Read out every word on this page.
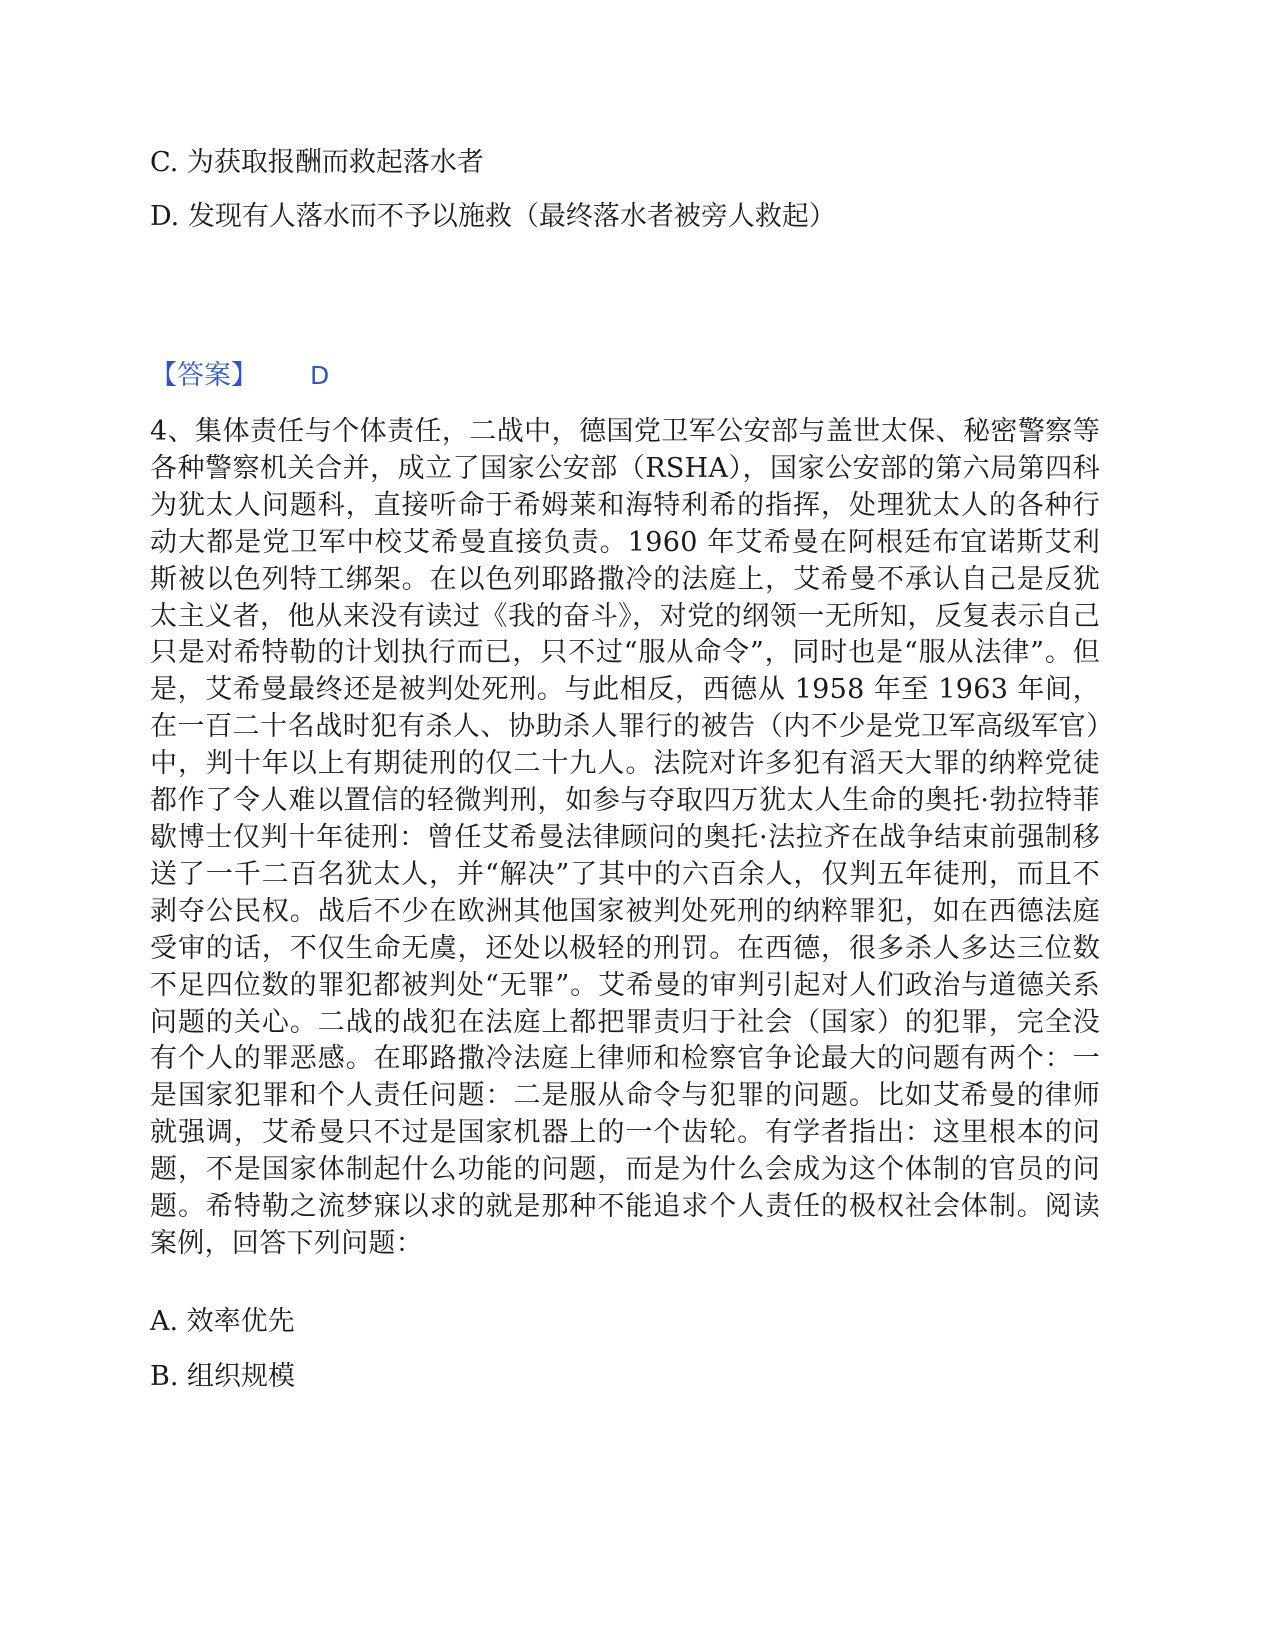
C. 为获取报酬而救起落水者
D. 发现有人落水而不予以施救（最终落水者被旁人救起）
【答案】 D

4、集体责任与个体责任，二战中，德国党卫军公安部与盖世太保、秘密警察等各种警察机关合并，成立了国家公安部（RSHA），国家公安部的第六局第四科为犹太人问题科，直接听命于希姆莱和海特利希的指挥，处理犹太人的各种行动大都是党卫军中校艾希曼直接负责。1960 年艾希曼在阿根廷布宜诺斯艾利斯被以色列特工绑架。在以色列耶路撒冷的法庭上，艾希曼不承认自己是反犹太主义者，他从来没有读过《我的奋斗》，对党的纲领一无所知，反复表示自己只是对希特勒的计划执行而已，只不过“服从命令”，同时也是“服从法律”。但是，艾希曼最终还是被判处死刑。与此相反，西德从 1958 年至 1963 年间，在一百二十名战时犯有杀人、协助杀人罪行的被告（内不少是党卫军高级军官）中，判十年以上有期徒刑的仅二十九人。法院对许多犯有滔天大罪的纳粹党徒都作了令人难以置信的轻微判刑，如参与夺取四万犹太人生命的奥托·勃拉特菲歇博士仅判十年徒刑：曾任艾希曼法律顾问的奥托·法拉齐在战争结束前强制移送了一千二百名犹太人，并“解决”了其中的六百余人，仅判五年徒刑，而且不剥夺公民权。战后不少在欧洲其他国家被判处死刑的纳粹罪犯，如在西德法庭受审的话，不仅生命无虞，还处以极轻的刑罚。在西德，很多杀人多达三位数不足四位数的罪犯都被判处“无罪”。艾希曼的审判引起对人们政治与道德关系问题的关心。二战的战犯在法庭上都把罪责归于社会（国家）的犯罪，完全没有个人的罪恶感。在耶路撒冷法庭上律师和检察官争论最大的问题有两个：一是国家犯罪和个人责任问题：二是服从命令与犯罪的问题。比如艾希曼的律师就强调，艾希曼只不过是国家机器上的一个齿轮。有学者指出：这里根本的问题，不是国家体制起什么功能的问题，而是为什么会成为这个体制的官员的问题。希特勒之流梦寐以求的就是那种不能追求个人责任的极权社会体制。阅读案例，回答下列问题：

A. 效率优先
B. 组织规模
